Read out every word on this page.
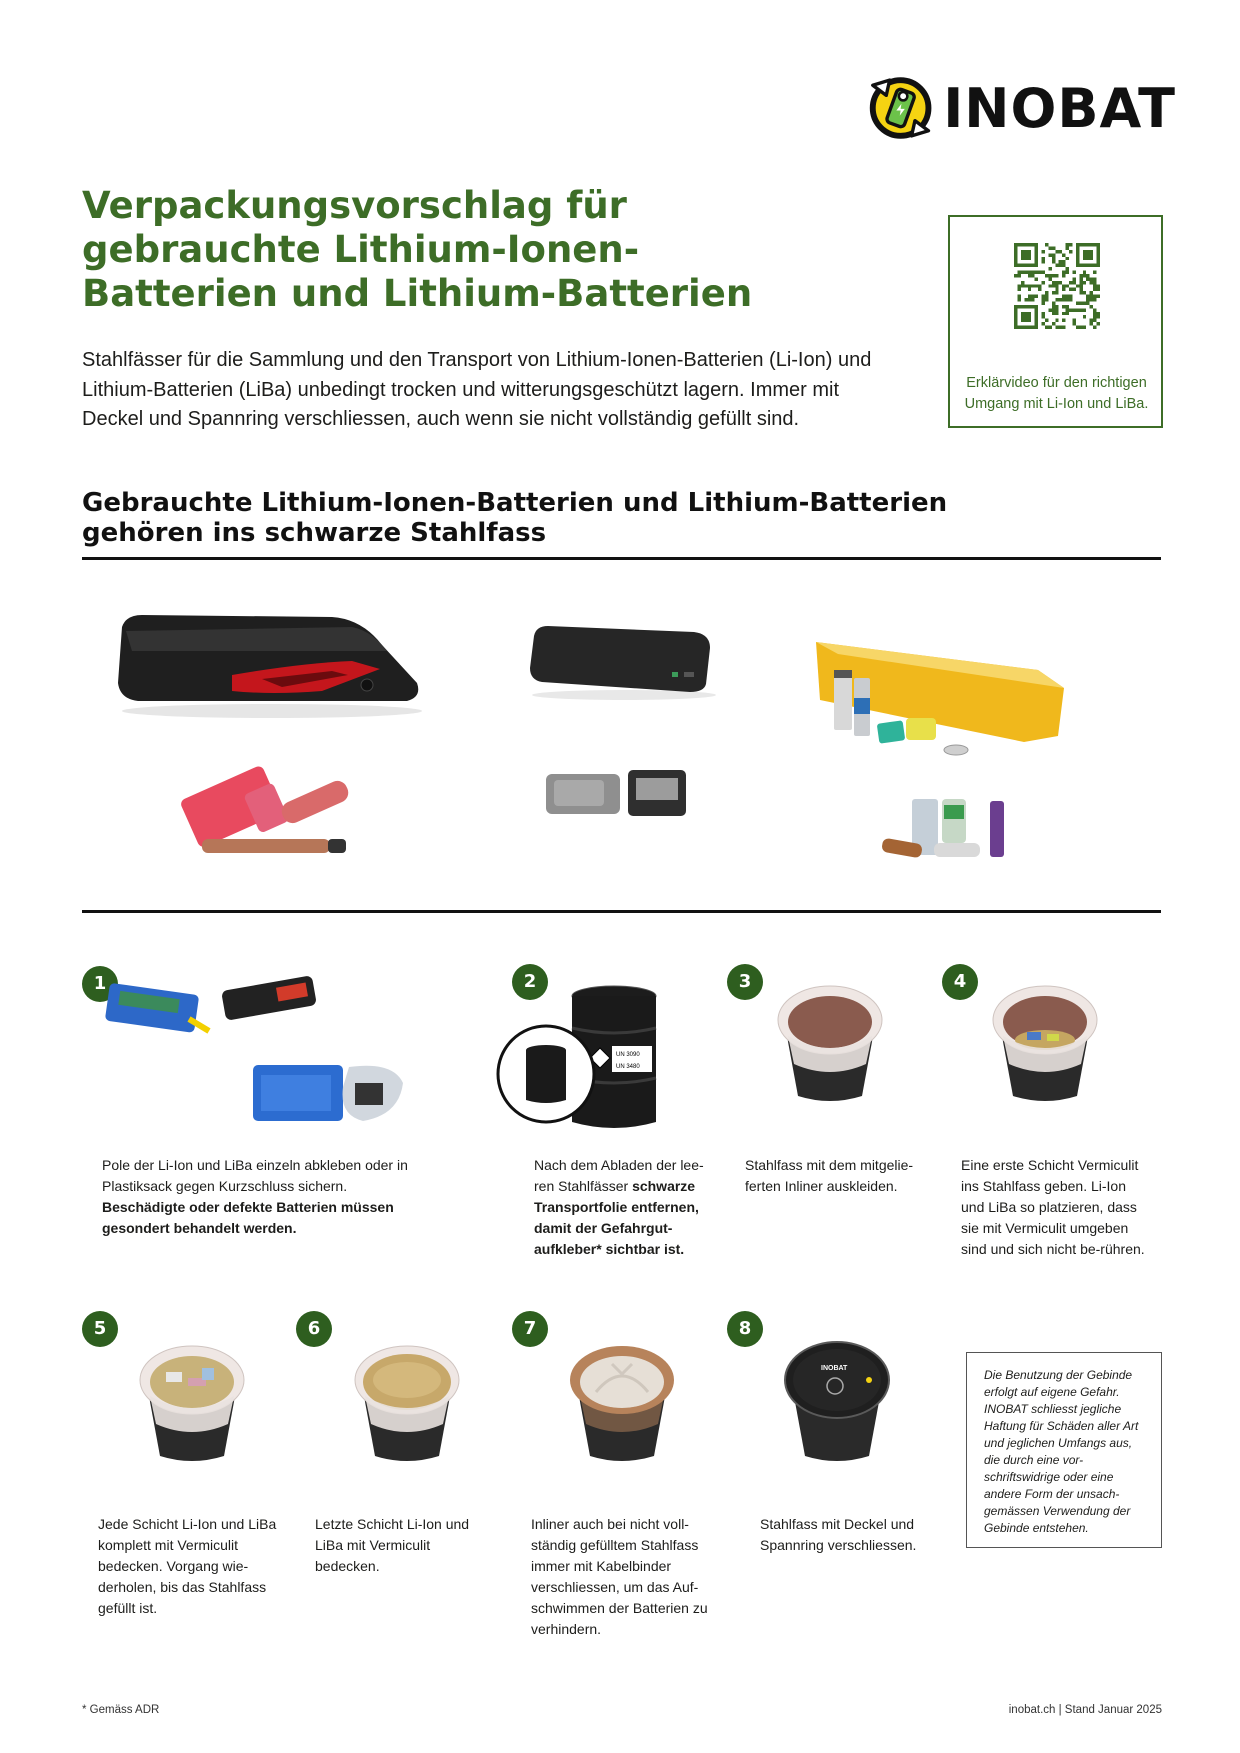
INOBAT
Verpackungsvorschlag für gebrauchte Lithium-Ionen-Batterien und Lithium-Batterien

Stahlfässer für die Sammlung und den Transport von Lithium-Ionen-Batterien (Li-Ion) und Lithium-Batterien (LiBa) unbedingt trocken und witterungsgeschützt lagern. Immer mit Deckel und Spannring verschliessen, auch wenn sie nicht vollständig gefüllt sind.

Erklärvideo für den richtigen Umgang mit Li-Ion und LiBa.
Gebrauchte Lithium-Ionen-Batterien und Lithium-Batterien gehören ins schwarze Stahlfass
1
Pole der Li-Ion und LiBa einzeln abkleben oder in Plastiksack gegen Kurzschluss sichern. Beschädigte oder defekte Batterien müssen gesondert behandelt werden.
2
UN 3090
UN 3480
Nach dem Abladen der lee-ren Stahlfässer schwarze Transportfolie entfernen, damit der Gefahrgut-aufkleber* sichtbar ist.
3
Stahlfass mit dem mitgelie-ferten Inliner auskleiden.
4
Eine erste Schicht Vermiculit ins Stahlfass geben. Li-Ion und LiBa so platzieren, dass sie mit Vermiculit umgeben sind und sich nicht be-rühren.
5
Jede Schicht Li-Ion und LiBa komplett mit Vermiculit bedecken. Vorgang wie-derholen, bis das Stahlfass gefüllt ist.
6
Letzte Schicht Li-Ion und LiBa mit Vermiculit bedecken.
7
Inliner auch bei nicht voll-ständig gefülltem Stahlfass immer mit Kabelbinder verschliessen, um das Auf-schwimmen der Batterien zu verhindern.
8
INOBAT
Stahlfass mit Deckel und Spannring verschliessen.
Die Benutzung der Gebinde erfolgt auf eigene Gefahr. INOBAT schliesst jegliche Haftung für Schäden aller Art und jeglichen Umfangs aus, die durch eine vor-schriftswidrige oder eine andere Form der unsach-gemässen Verwendung der Gebinde entstehen.
* Gemäss ADR	inobat.ch | Stand Januar 2025
